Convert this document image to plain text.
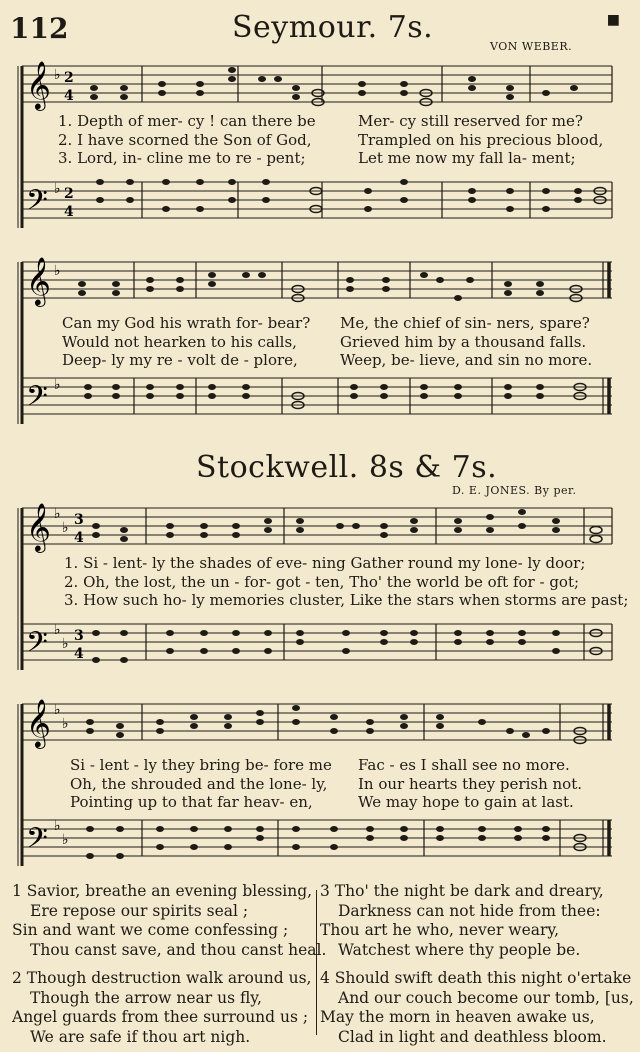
112	■
Seymour. 7s.
VON WEBER.
𝄞
𝄢
♭
♭
2
4
2
4
1. Depth of mer- cy ! can there be	Mer- cy still reserved for me?
2. I have scorned the Son of God,	Trampled on his precious blood,
3. Lord, in- cline me to re - pent;	Let me now my fall la- ment;
𝄞
𝄢
♭
♭
Can my God his wrath for- bear?	Me, the chief of sin- ners, spare?
Would not hearken to his calls,	Grieved him by a thousand falls.
Deep- ly my re - volt de - plore,	Weep, be- lieve, and sin no more.
Stockwell. 8s & 7s.
D. E. JONES. By per.
𝄞
𝄢
♭
♭
♭
♭
3
4
3
4
1. Si - lent- ly the shades of eve- ning Gather round my lone- ly door;
2. Oh, the lost, the un - for- got - ten, Tho' the world be oft for - got;
3. How such ho- ly memories cluster, Like the stars when storms are past;
𝄞
𝄢
♭
♭
♭
♭
Si - lent - ly they bring be- fore me	Fac - es I shall see no more.
Oh, the shrouded and the lone- ly,	In our hearts they perish not.
Pointing up to that far heav- en,	We may hope to gain at last.
1 Savior, breathe an evening blessing,
Ere repose our spirits seal ;
Sin and want we come confessing ;
Thou canst save, and thou canst heal.
2 Though destruction walk around us,
Though the arrow near us fly,
Angel guards from thee surround us ;
We are safe if thou art nigh.
3 Tho' the night be dark and dreary,
Darkness can not hide from thee:
Thou art he who, never weary,
Watchest where thy people be.
4 Should swift death this night o'ertake
And our couch become our tomb, [us,
May the morn in heaven awake us,
Clad in light and deathless bloom.
